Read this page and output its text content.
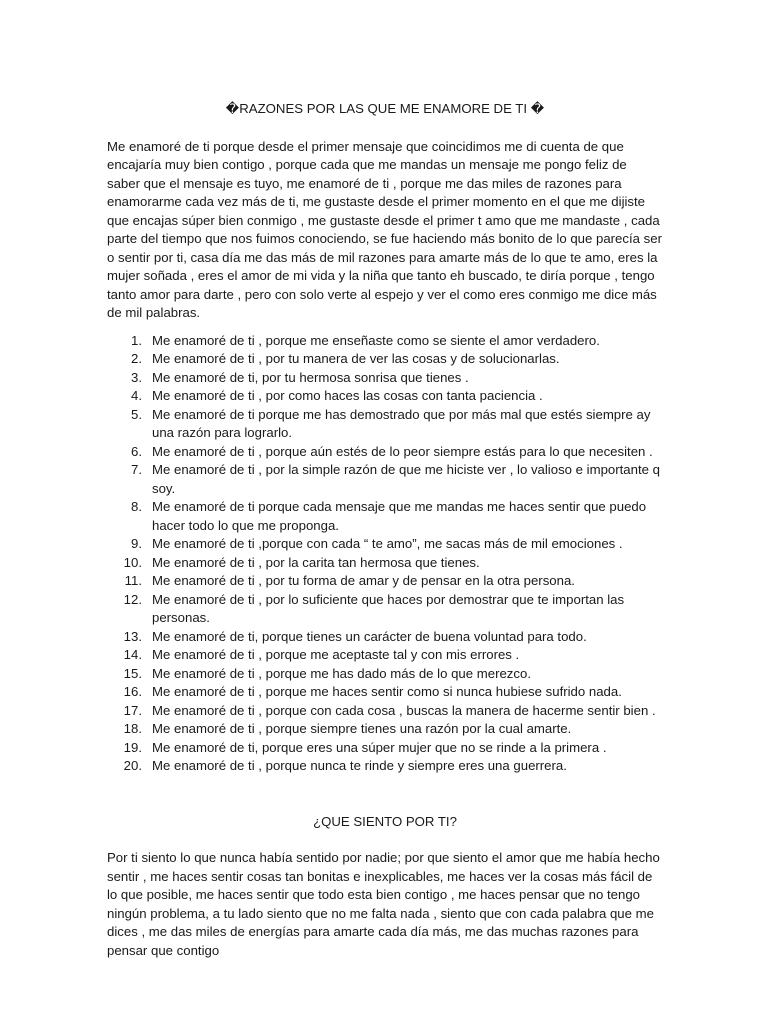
�RAZONES POR LAS QUE ME ENAMORE DE TI �

Me enamoré de ti porque desde el primer mensaje que coincidimos me di cuenta de que encajaría muy bien contigo , porque cada que me mandas un mensaje me pongo feliz de saber que el mensaje es tuyo, me enamoré de ti , porque me das miles de razones para enamorarme cada vez más de ti, me gustaste desde el primer momento en el que me dijiste que encajas súper bien conmigo , me gustaste desde el primer t amo que me mandaste , cada parte del tiempo que nos fuimos conociendo, se fue haciendo más bonito de lo que parecía ser o sentir por ti, casa día me das más de mil razones para amarte más de lo que te amo, eres la mujer soñada , eres el amor de mi vida y la niña que tanto eh buscado, te diría porque , tengo tanto amor para darte , pero con solo verte al espejo y ver el como eres conmigo me dice más de mil palabras.

1. Me enamoré de ti , porque me enseñaste como se siente el amor verdadero.
2. Me enamoré de ti , por tu manera de ver las cosas y de solucionarlas.
3. Me enamoré de ti, por tu hermosa sonrisa que tienes .
4. Me enamoré de ti , por como haces las cosas con tanta paciencia .
5. Me enamoré de ti porque me has demostrado que por más mal que estés siempre ay una razón para lograrlo.
6. Me enamoré de ti , porque aún estés de lo peor siempre estás para lo que necesiten .
7. Me enamoré de ti , por la simple razón de que me hiciste ver , lo valioso e importante q soy.
8. Me enamoré de ti porque cada mensaje que me mandas me haces sentir que puedo hacer todo lo que me proponga.
9. Me enamoré de ti ,porque con cada “ te amo”, me sacas más de mil emociones .
10. Me enamoré de ti , por la carita tan hermosa que tienes.
11. Me enamoré de ti , por tu forma de amar y de pensar en la otra persona.
12. Me enamoré de ti , por lo suficiente que haces por demostrar que te importan las personas.
13. Me enamoré de ti, porque tienes un carácter de buena voluntad para todo.
14. Me enamoré de ti , porque me aceptaste tal y con mis errores .
15. Me enamoré de ti , porque me has dado más de lo que merezco.
16. Me enamoré de ti , porque me haces sentir como si nunca hubiese sufrido nada.
17. Me enamoré de ti , porque con cada cosa , buscas la manera de hacerme sentir bien .
18. Me enamoré de ti , porque siempre tienes una razón por la cual amarte.
19. Me enamoré de ti, porque eres una súper mujer que no se rinde a la primera .
20. Me enamoré de ti , porque nunca te rinde y siempre eres una guerrera.

¿QUE SIENTO POR TI?

Por ti siento lo que nunca había sentido por nadie; por que siento el amor que me había hecho sentir , me haces sentir cosas tan bonitas e inexplicables, me haces ver la cosas más fácil de lo que posible, me haces sentir que todo esta bien contigo , me haces pensar que no tengo ningún problema, a tu lado siento que no me falta nada , siento que con cada palabra que me dices , me das miles de energías para amarte cada día más, me das muchas razones para pensar que contigo
